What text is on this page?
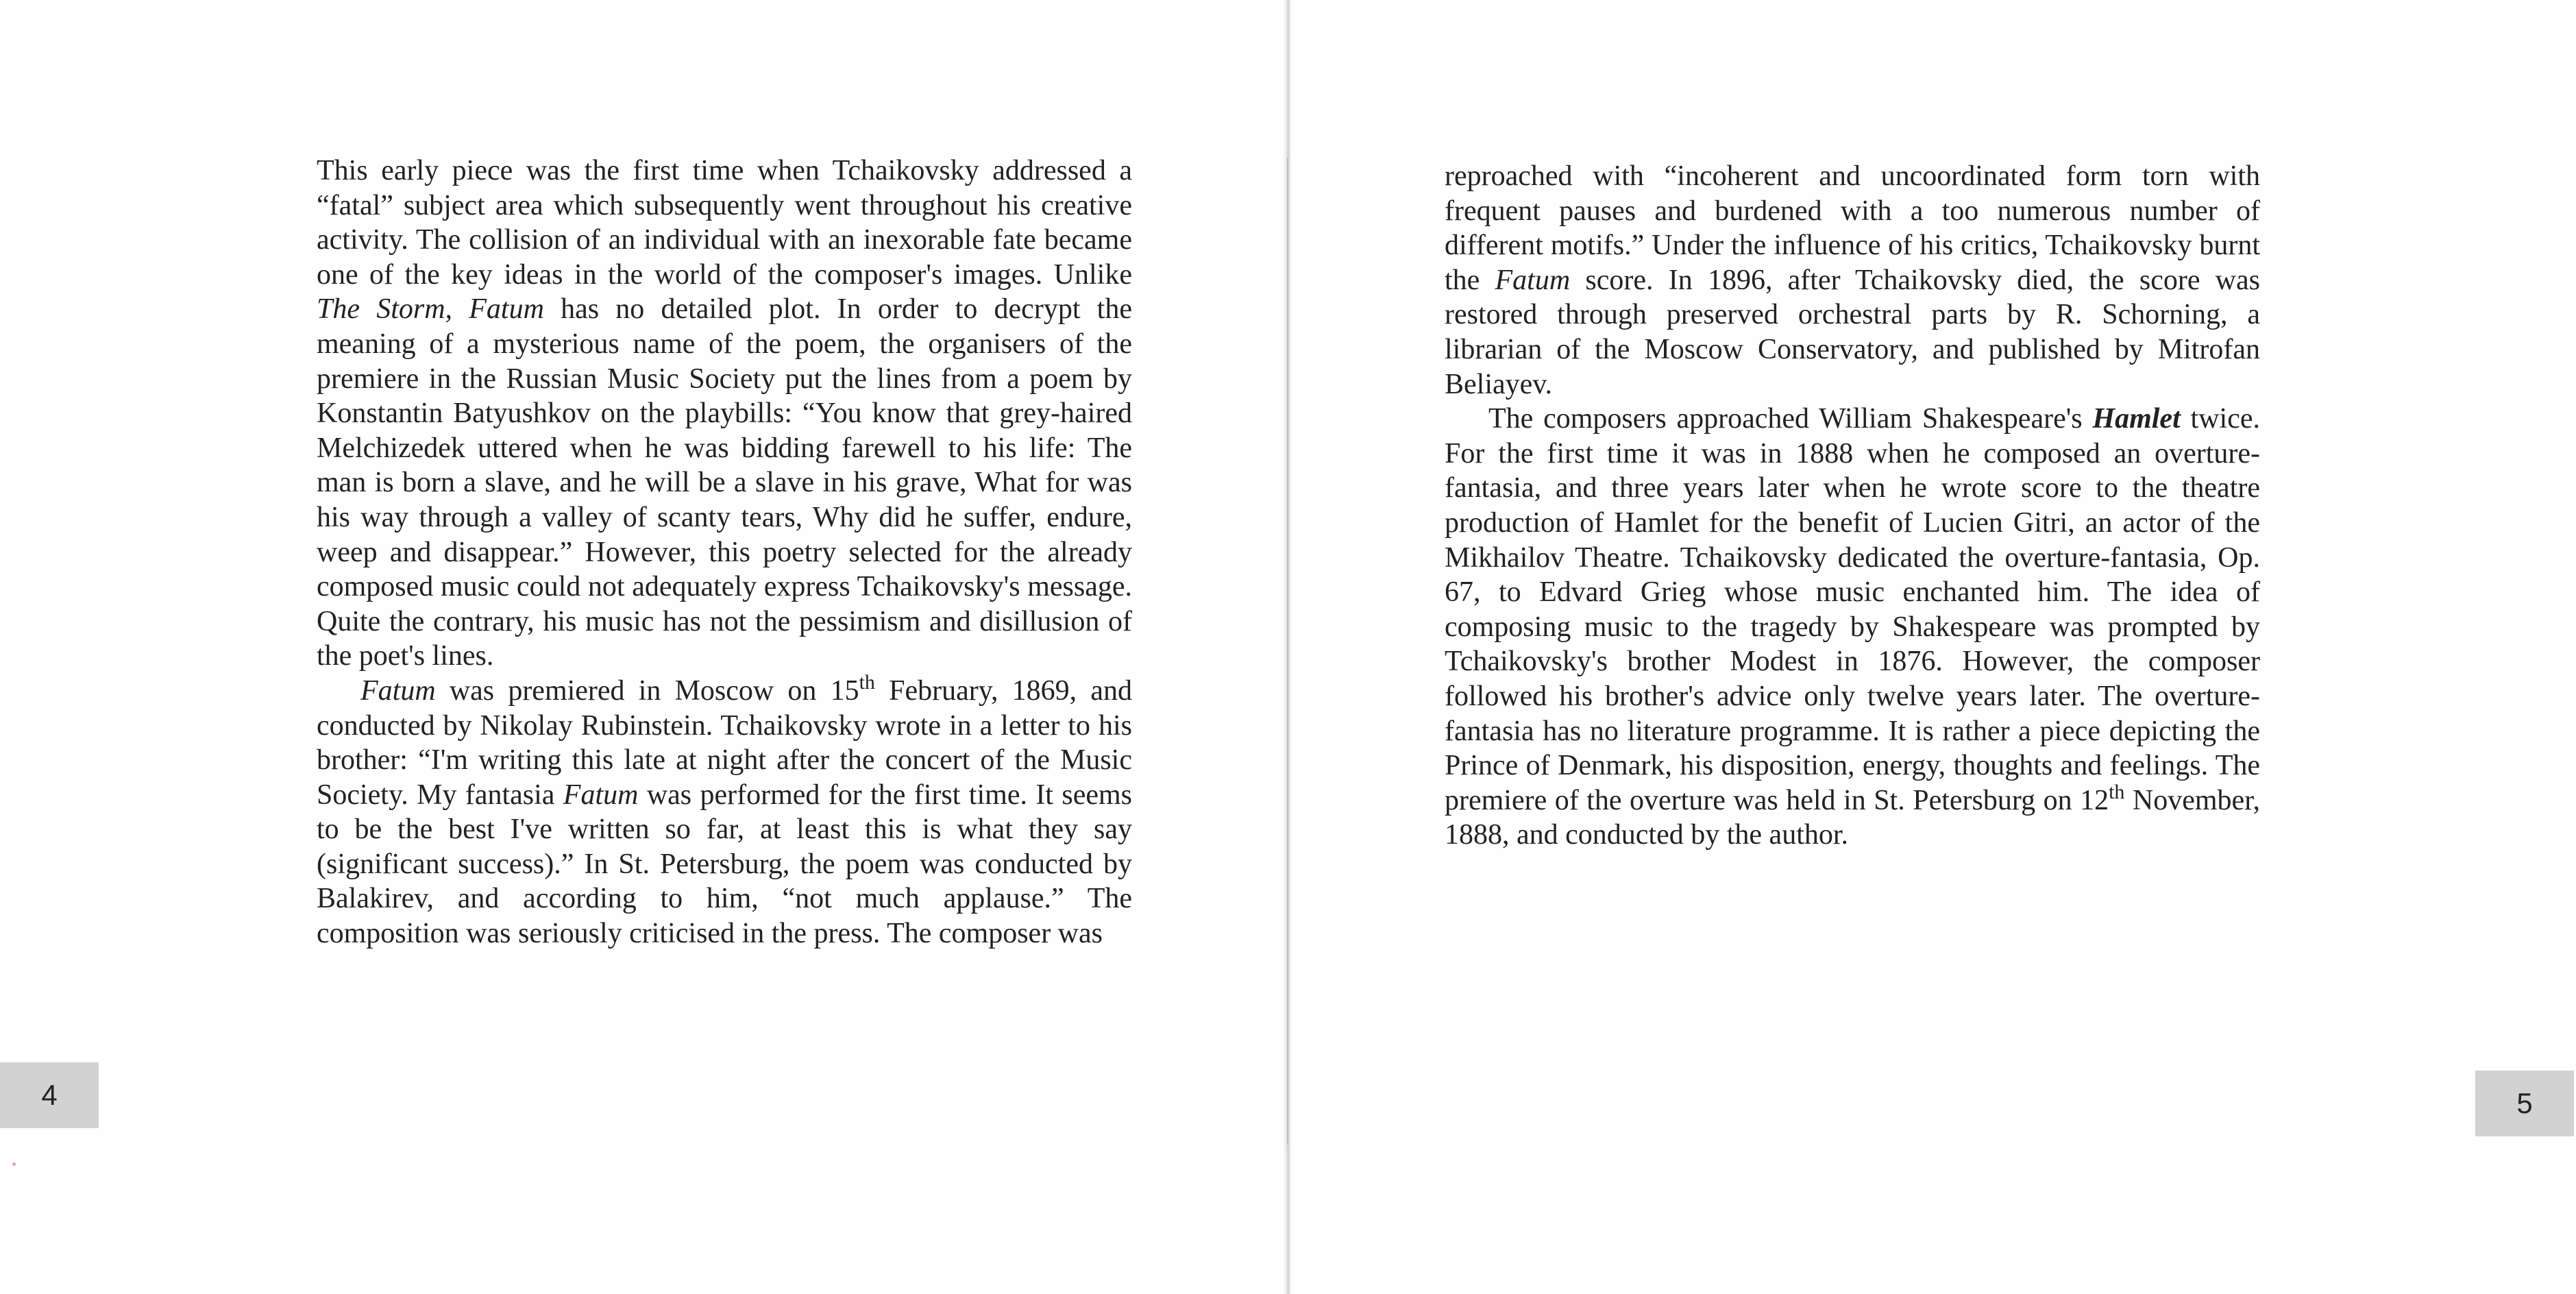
This early piece was the first time when Tchaikovsky addressed a “fatal” subject area which subsequently went throughout his creative activity. The collision of an individual with an inexorable fate became one of the key ideas in the world of the composer's images. Unlike The Storm, Fatum has no detailed plot. In order to decrypt the meaning of a mysterious name of the poem, the organisers of the premiere in the Russian Music Society put the lines from a poem by Konstantin Batyushkov on the playbills: “You know that grey-haired Melchizedek uttered when he was bidding farewell to his life: The man is born a slave, and he will be a slave in his grave, What for was his way through a valley of scanty tears, Why did he suffer, endure, weep and disappear.” However, this poetry selected for the already composed music could not adequately express Tchaikovsky's message. Quite the contrary, his music has not the pessimism and disillusion of the poet's lines.

Fatum was premiered in Moscow on 15th February, 1869, and conducted by Nikolay Rubinstein. Tchaikovsky wrote in a letter to his brother: “I'm writing this late at night after the concert of the Music Society. My fantasia Fatum was performed for the first time. It seems to be the best I've written so far, at least this is what they say (significant success).” In St. Petersburg, the poem was conducted by Balakirev, and according to him, “not much applause.” The composition was seriously criticised in the press. The composer was

4

reproached with “incoherent and uncoordinated form torn with frequent pauses and burdened with a too numerous number of different motifs.” Under the influence of his critics, Tchaikovsky burnt the Fatum score. In 1896, after Tchaikovsky died, the score was restored through preserved orchestral parts by R. Schorning, a librarian of the Moscow Conservatory, and published by Mitrofan Beliayev.

The composers approached William Shakespeare's Hamlet twice. For the first time it was in 1888 when he composed an overture-fantasia, and three years later when he wrote score to the theatre production of Hamlet for the benefit of Lucien Gitri, an actor of the Mikhailov Theatre. Tchaikovsky dedicated the overture-fantasia, Op. 67, to Edvard Grieg whose music enchanted him. The idea of composing music to the tragedy by Shakespeare was prompted by Tchaikovsky's brother Modest in 1876. However, the composer followed his brother's advice only twelve years later. The overture-fantasia has no literature programme. It is rather a piece depicting the Prince of Denmark, his disposition, energy, thoughts and feelings. The premiere of the overture was held in St. Petersburg on 12th November, 1888, and conducted by the author.

5
